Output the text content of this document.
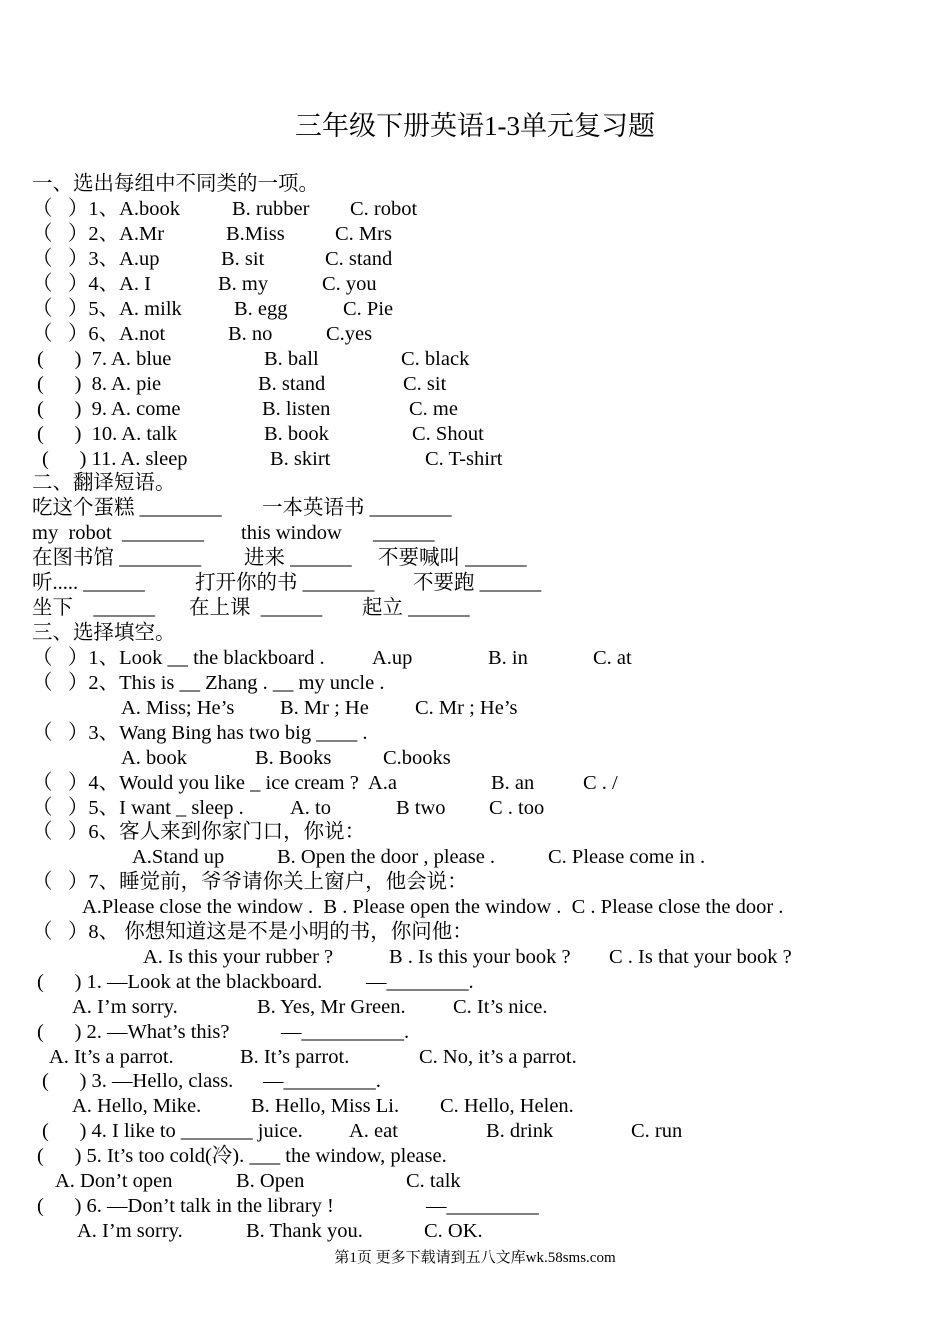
三年级下册英语1-3单元复习题
一、选出每组中不同类的一项。
（   ）1、A.book	B. rubber C. robot
（   ）2、A.Mr	B.Miss C. Mrs
（   ）3、A.up	B. sit	C. stand
（   ）4、A. I	B. my	C. you
（   ）5、A. milk	B. egg	C. Pie
（   ）6、A.not	B. no	C.yes
(      )  7. A. blue	B. ball	C. black
(      )  8. A. pie	B. stand	C. sit
(      )  9. A. come	B. listen	C. me
(      )  10. A. talk	B. book	C. Shout
(      ) 11. A. sleep	B. skirt	C. T-shirt
二、翻译短语。
吃这个蛋糕 ________ 一本英语书 ________
my  robot  ________ this window ______
在图书馆 ________ 进来 ______ 不要喊叫 ______
听..... ______ 打开你的书 _______ 不要跑 ______
坐下    ______ 在上课  ______ 起立 ______
三、选择填空。
（   ）1、Look __ the blackboard . A.up	B. in	C. at
（   ）2、This is __ Zhang . __ my uncle .
A. Miss; He’s B. Mr ; He C. Mr ; He’s
（   ）3、Wang Bing has two big ____ .
A. book	B. Books	C.books
（   ）4、Would you like _ ice cream ?  A.a	B. an C . /
（   ）5、I want _ sleep . A. to	B two C . too
（   ）6、客人来到你家门口，你说：
A.Stand up	B. Open the door , please .	C. Please come in .
（   ）7、睡觉前，爷爷请你关上窗户，他会说：
A.Please close the window .  B . Please open the window .  C . Please close the door .
（   ）8、 你想知道这是不是小明的书，你问他：
A. Is this your rubber ?	B . Is this your book ? C . Is that your book ?
(      ) 1. —Look at the blackboard. —________.
A. I’m sorry.	B. Yes, Mr Green. C. It’s nice.
(      ) 2. —What’s this?	—__________.
A. It’s a parrot.	B. It’s parrot.	C. No, it’s a parrot.
(      ) 3. —Hello, class. —_________.
A. Hello, Mike. B. Hello, Miss Li. C. Hello, Helen.
(      ) 4. I like to _______ juice. A. eat	B. drink	C. run
(      ) 5. It’s too cold(冷). ___ the window, please.
A. Don’t open	B. Open	C. talk
(      ) 6. —Don’t talk in the library !	—_________
A. I’m sorry.	B. Thank you.	C. OK.
第1页 更多下载请到五八文库wk.58sms.com
